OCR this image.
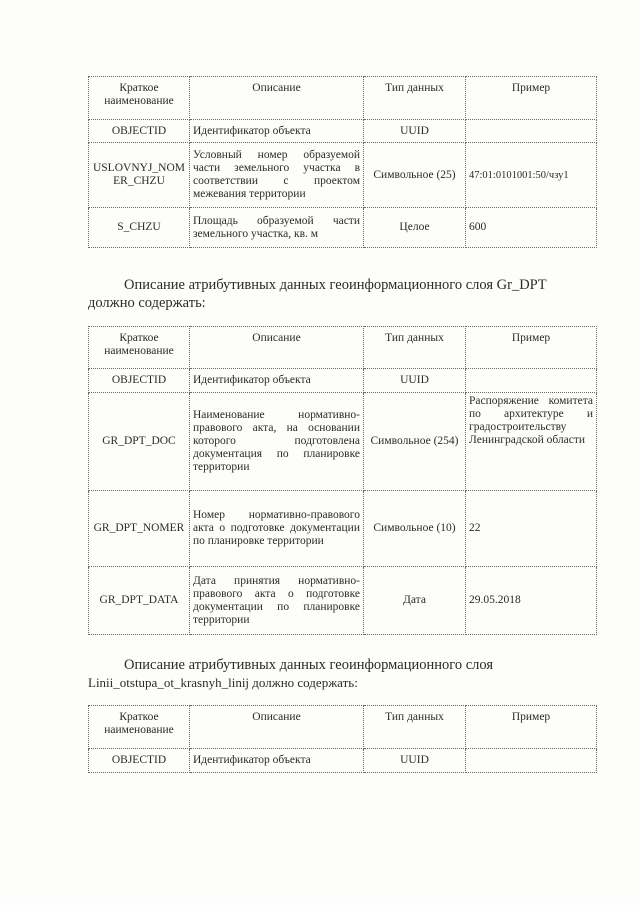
Краткое наименование	Описание	Тип данных	Пример
OBJECTID	Идентификатор объекта	UUID	
USLOVNYJ_NOMER_CHZU	Условный номер образуемой части земельного участка в соответствии с проектом межевания территории	Символьное (25)	47:01:0101001:50/чзу1
S_CHZU	Площадь образуемой части земельного участка, кв. м	Целое	600

Описание атрибутивных данных геоинформационного слоя Gr_DPT должно содержать:

Краткое наименование	Описание	Тип данных	Пример
OBJECTID	Идентификатор объекта	UUID	
GR_DPT_DOC	Наименование нормативно-правового акта, на основании которого подготовлена документация по планировке территории	Символьное (254)	Распоряжение комитета по архитектуре и градостроительству Ленинградской области
GR_DPT_NOMER	Номер нормативно-правового акта о подготовке документации по планировке территории	Символьное (10)	22
GR_DPT_DATA	Дата принятия нормативно-правового акта о подготовке документации по планировке территории	Дата	29.05.2018
Описание атрибутивных данных геоинформационного слоя
Linii_otstupa_ot_krasnyh_linij должно содержать:
Краткое наименование	Описание	Тип данных	Пример
OBJECTID	Идентификатор объекта	UUID	
